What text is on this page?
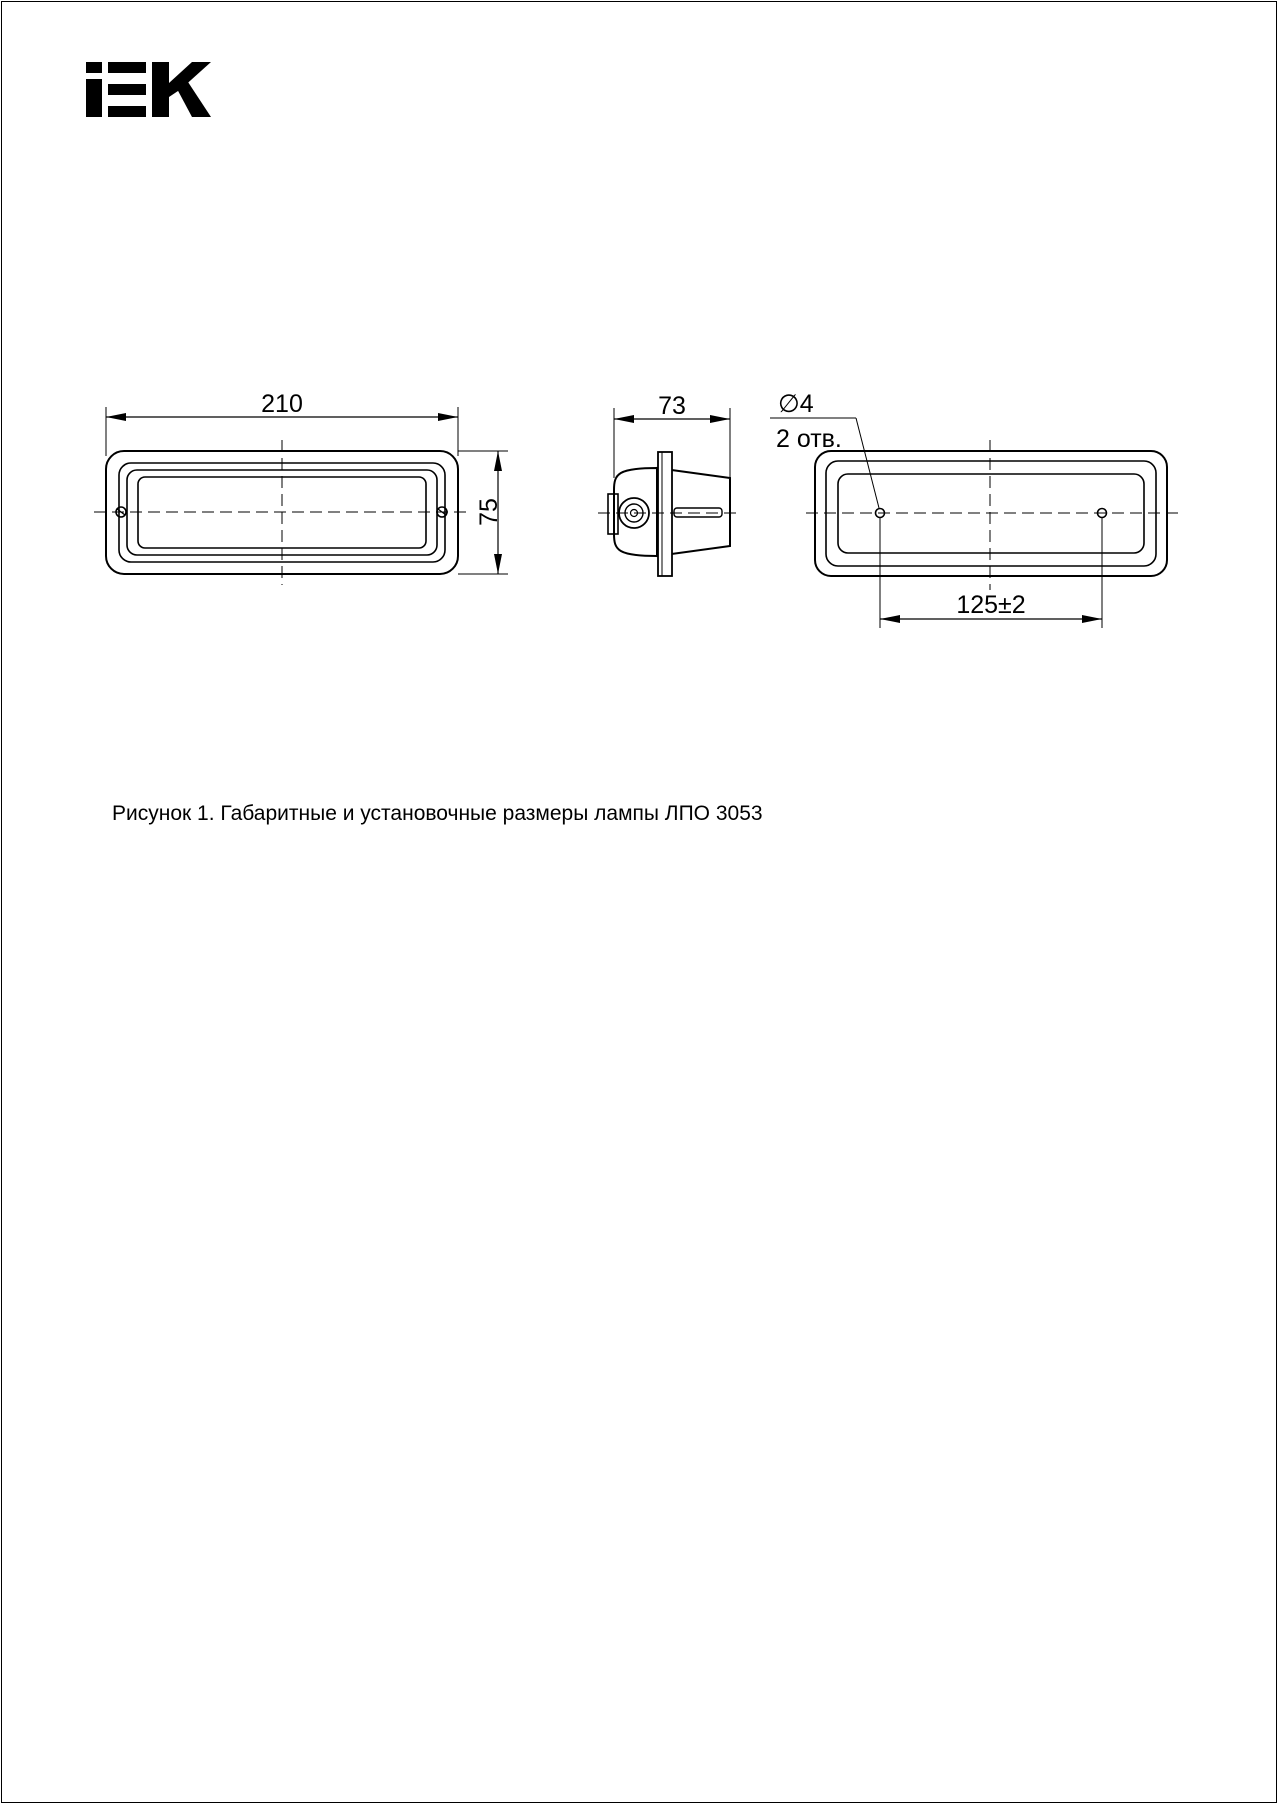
210
75
73	∅4
2 отв.
125±2

Рисунок 1. Габаритные и установочные размеры лампы ЛПО 3053
